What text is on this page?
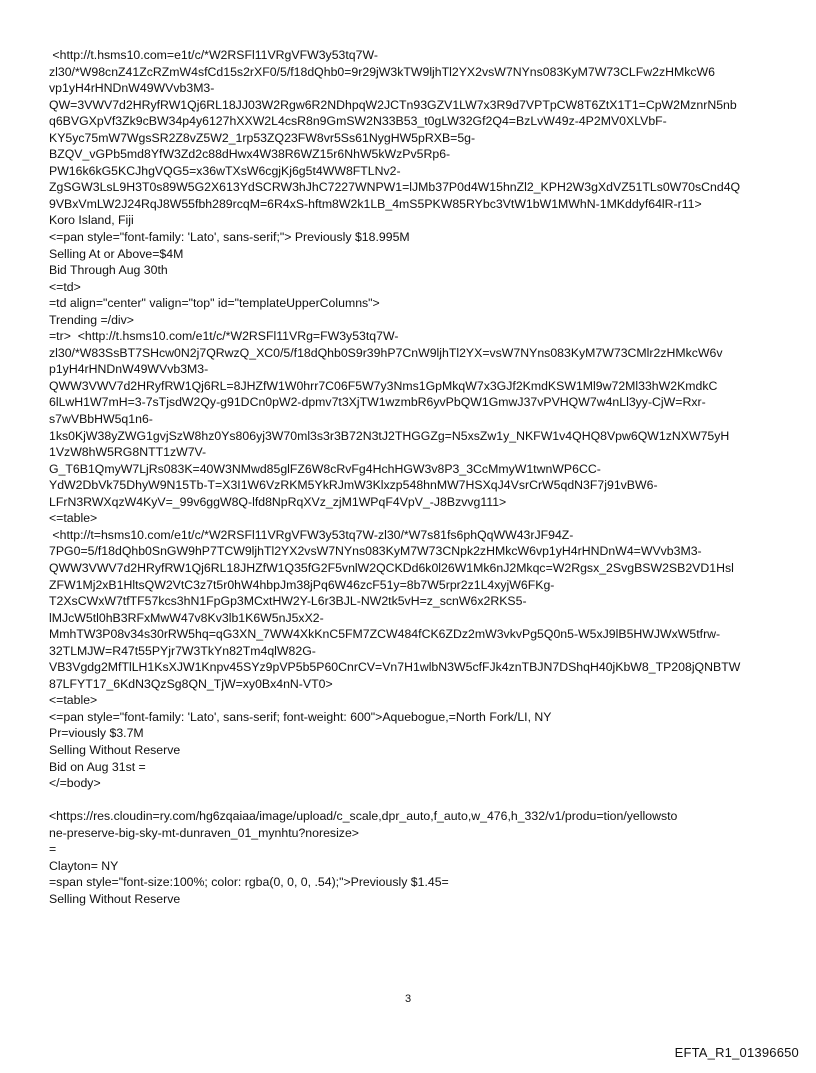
<http://t.hsms10.com=e1t/c/*W2RSFl11VRgVFW3y53tq7W-
zl30/*W98cnZ41ZcRZmW4sfCd15s2rXF0/5/f18dQhb0=9r29jW3kTW9ljhTl2YX2vsW7NYns083KyM7W73CLFw2zHMkcW6
vp1yH4rHNDnW49WVvb3M3-
QW=3VWV7d2HRyfRW1Qj6RL18JJ03W2Rgw6R2NDhpqW2JCTn93GZV1LW7x3R9d7VPTpCW8T6ZtX1T1=CpW2MznrN5nb
q6BVGXpVf3Zk9cBW34p4y6127hXXW2L4csR8n9GmSW2N33B53_t0gLW32Gf2Q4=BzLvW49z-4P2MV0XLVbF-
KY5yc75mW7WgsSR2Z8vZ5W2_1rp53ZQ23FW8vr5Ss61NygHW5pRXB=5g-
BZQV_vGPb5md8YfW3Zd2c88dHwx4W38R6WZ15r6NhW5kWzPv5Rp6-
PW16k6kG5KCJhgVQG5=x36wTXsW6cgjKj6g5t4WW8FTLNv2-
ZgSGW3LsL9H3T0s89W5G2X613YdSCRW3hJhC7227WNPW1=lJMb37P0d4W15hnZl2_KPH2W3gXdVZ51TLs0W70sCnd4Q
9VBxVmLW2J24RqJ8W55fbh289rcqM=6R4xS-hftm8W2k1LB_4mS5PKW85RYbc3VtW1bW1MWhN-1MKddyf64lR-r11>
Koro Island, Fiji
<=pan style="font-family: 'Lato', sans-serif;"> Previously $18.995M
Selling At or Above=$4M
Bid Through Aug 30th
<=td>
=td align="center" valign="top" id="templateUpperColumns">
Trending =/div>
=tr>  <http://t.hsms10.com/e1t/c/*W2RSFl11VRg=FW3y53tq7W-
zl30/*W83SsBT7SHcw0N2j7QRwzQ_XC0/5/f18dQhb0S9r39hP7CnW9ljhTl2YX=vsW7NYns083KyM7W73CMlr2zHMkcW6v
p1yH4rHNDnW49WVvb3M3-
QWW3VWV7d2HRyfRW1Qj6RL=8JHZfW1W0hrr7C06F5W7y3Nms1GpMkqW7x3GJf2KmdKSW1Ml9w72Ml33hW2KmdkC
6lLwH1W7mH=3-7sTjsdW2Qy-g91DCn0pW2-dpmv7t3XjTW1wzmbR6yvPbQW1GmwJ37vPVHQW7w4nLl3yy-CjW=Rxr-
s7wVBbHW5q1n6-
1ks0KjW38yZWG1gvjSzW8hz0Ys806yj3W70ml3s3r3B72N3tJ2THGGZg=N5xsZw1y_NKFW1v4QHQ8Vpw6QW1zNXW75yH
1VzW8hW5RG8NTT1zW7V-
G_T6B1QmyW7LjRs083K=40W3NMwd85glFZ6W8cRvFg4HchHGW3v8P3_3CcMmyW1twnWP6CC-
YdW2DbVk75DhyW9N15Tb-T=X3I1W6VzRKM5YkRJmW3Klxzp548hnMW7HSXqJ4VsrCrW5qdN3F7j91vBW6-
LFrN3RWXqzW4KyV=_99v6ggW8Q-lfd8NpRqXVz_zjM1WPqF4VpV_-J8Bzvvg111>
<=table>
<http://t=hsms10.com/e1t/c/*W2RSFl11VRgVFW3y53tq7W-zl30/*W7s81fs6phQqWW43rJF94Z-
7PG0=5/f18dQhb0SnGW9hP7TCW9ljhTl2YX2vsW7NYns083KyM7W73CNpk2zHMkcW6vp1yH4rHNDnW4=WVvb3M3-
QWW3VWV7d2HRyfRW1Qj6RL18JHZfW1Q35fG2F5vnlW2QCKDd6k0l26W1Mk6nJ2Mkqc=W2Rgsx_2SvgBSW2SB2VD1Hsl
ZFW1Mj2xB1HltsQW2VtC3z7t5r0hW4hbpJm38jPq6W46zcF51y=8b7W5rpr2z1L4xyjW6FKg-
T2XsCWxW7tfTF57kcs3hN1FpGp3MCxtHW2Y-L6r3BJL-NW2tk5vH=z_scnW6x2RKS5-
lMJcW5tl0hB3RFxMwW47v8Kv3lb1K6W5nJ5xX2-
MmhTW3P08v34s30rRW5hq=qG3XN_7WW4XkKnC5FM7ZCW484fCK6ZDz2mW3vkvPg5Q0n5-W5xJ9lB5HWJWxW5tfrw-
32TLMJW=R47t55PYjr7W3TkYn82Tm4qlW82G-
VB3Vgdg2MfTlLH1KsXJW1Knpv45SYz9pVP5b5P60CnrCV=Vn7H1wlbN3W5cfFJk4znTBJN7DShqH40jKbW8_TP208jQNBTW
87LFYT17_6KdN3QzSg8QN_TjW=xy0Bx4nN-VT0>
<=table>
<=pan style="font-family: 'Lato', sans-serif; font-weight: 600">Aquebogue,=North Fork/LI, NY
Pr=viously $3.7M
Selling Without Reserve
Bid on Aug 31st =
</=body>
<https://res.cloudin=ry.com/hg6zqaiaa/image/upload/c_scale,dpr_auto,f_auto,w_476,h_332/v1/produ=tion/yellowsto
ne-preserve-big-sky-mt-dunraven_01_mynhtu?noresize>
=
Clayton= NY
=span style="font-size:100%; color: rgba(0, 0, 0, .54);">Previously $1.45=
Selling Without Reserve
3
EFTA_R1_01396650
